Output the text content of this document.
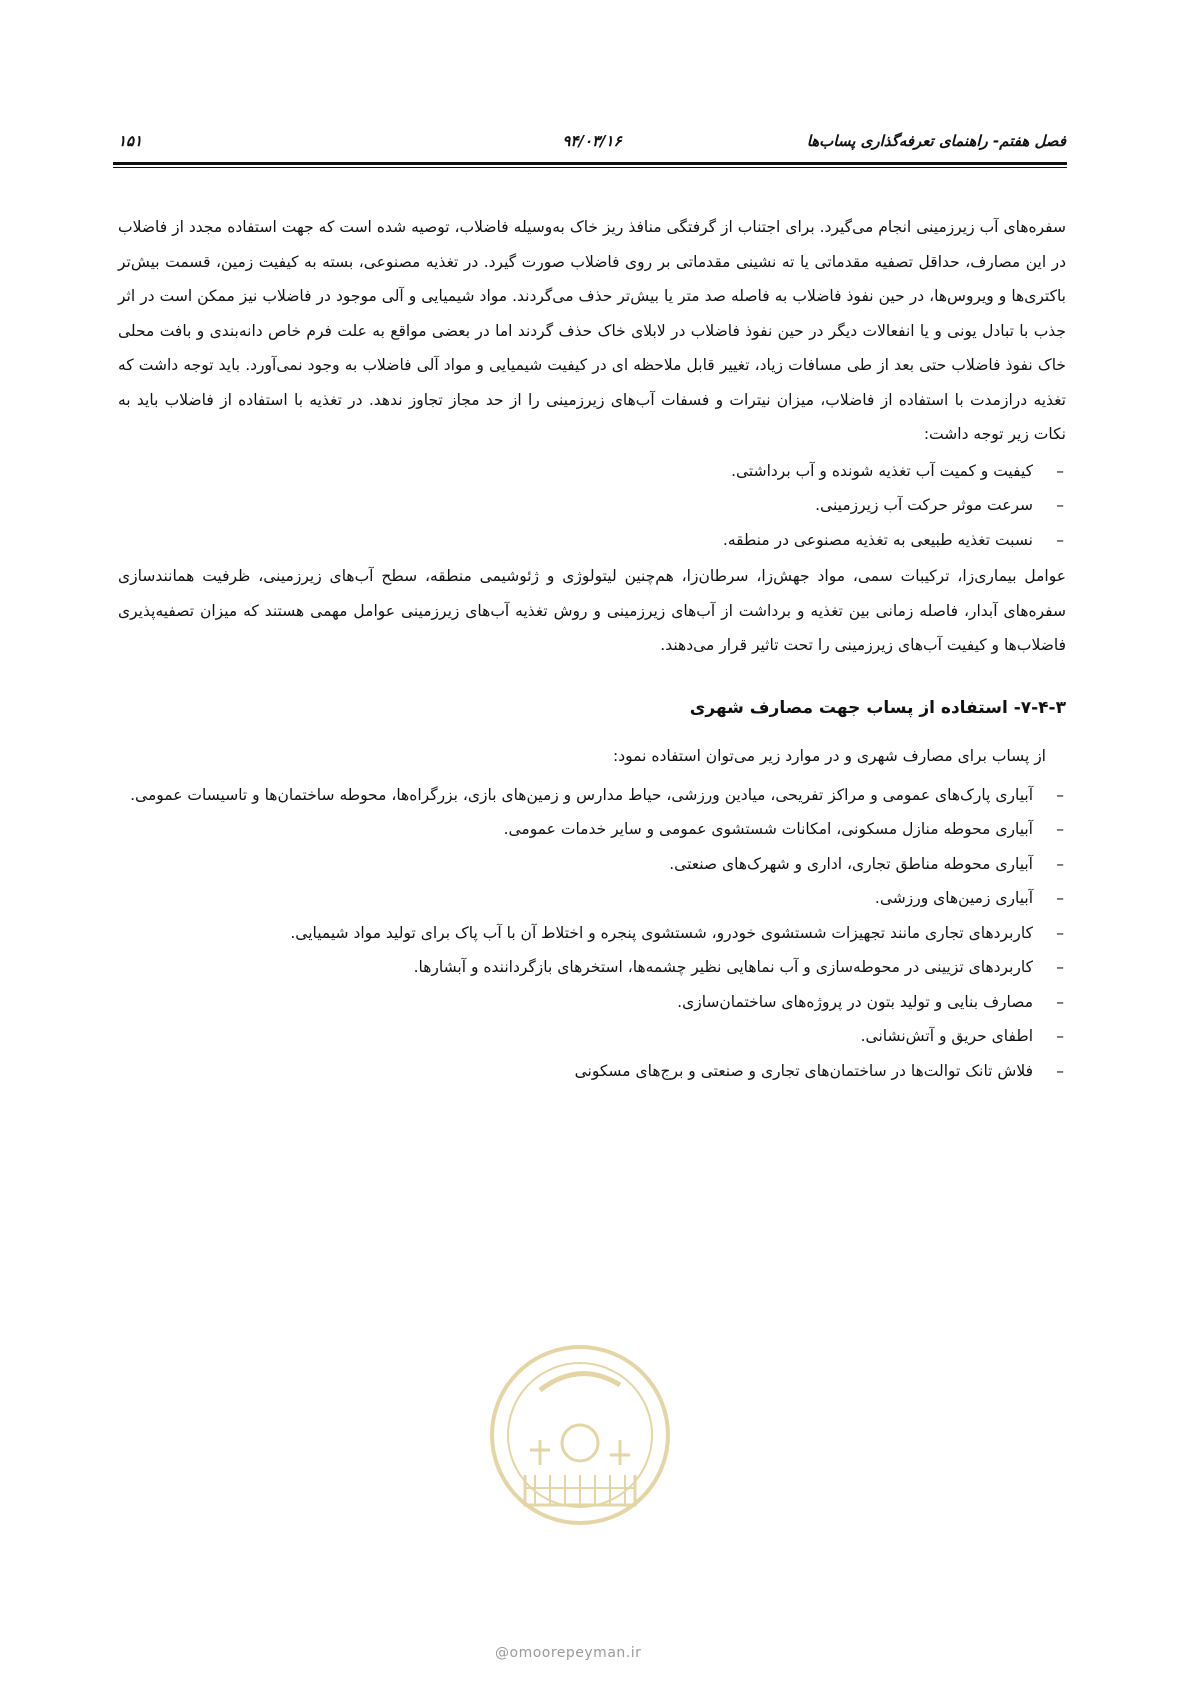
فصل هفتم- راهنمای تعرفه‌گذاری پساب‌ها
۹۴/۰۳/۱۶
۱۵۱

سفره‌های آب زیرزمینی انجام می‌گیرد. برای اجتناب از گرفتگی منافذ ریز خاک به‌وسیله فاضلاب، توصیه شده است که جهت استفاده مجدد از فاضلاب در این مصارف، حداقل تصفیه مقدماتی یا ته نشینی مقدماتی بر روی فاضلاب صورت گیرد. در تغذیه مصنوعی، بسته به کیفیت زمین، قسمت بیش‌تر باکتری‌ها و ویروس‌ها، در حین نفوذ فاضلاب به فاصله صد متر یا بیش‌تر حذف می‌گردند. مواد شیمیایی و آلی موجود در فاضلاب نیز ممکن است در اثر جذب با تبادل یونی و یا انفعالات دیگر در حین نفوذ فاضلاب در لابلای خاک حذف گردند اما در بعضی مواقع به علت فرم خاص دانه‌بندی و بافت محلی خاک نفوذ فاضلاب حتی بعد از طی مسافات زیاد، تغییر قابل ملاحظه ای در کیفیت شیمیایی و مواد آلی فاضلاب به وجود نمی‌آورد. باید توجه داشت که تغذیه درازمدت با استفاده از فاضلاب، میزان نیترات و فسفات آب‌های زیرزمینی را از حد مجاز تجاوز ندهد. در تغذیه با استفاده از فاضلاب باید به نکات زیر توجه داشت:

–
کیفیت و کمیت آب تغذیه شونده و آب برداشتی.
–
سرعت موثر حرکت آب زیرزمینی.
–
نسبت تغذیه طبیعی به تغذیه مصنوعی در منطقه.

عوامل بیماری‌زا، ترکیبات سمی، مواد جهش‌زا، سرطان‌زا، هم‌چنین لیتولوژی و ژئوشیمی منطقه، سطح آب‌های زیرزمینی، ظرفیت همانندسازی سفره‌های آبدار، فاصله زمانی بین تغذیه و برداشت از آب‌های زیرزمینی و روش تغذیه آب‌های زیرزمینی عوامل مهمی هستند که میزان تصفیه‌پذیری فاضلاب‌ها و کیفیت آب‌های زیرزمینی را تحت تاثیر قرار می‌دهند.

۷-۴-۳- استفاده از پساب جهت مصارف شهری

از پساب برای مصارف شهری و در موارد زیر می‌توان استفاده نمود:

–
آبیاری پارک‌های عمومی و مراکز تفریحی، میادین ورزشی، حیاط مدارس و زمین‌های بازی، بزرگراه‌ها، محوطه ساختمان‌ها و تاسیسات عمومی.
–
آبیاری محوطه منازل مسکونی، امکانات شستشوی عمومی و سایر خدمات عمومی.
–
آبیاری محوطه مناطق تجاری، اداری و شهرک‌های صنعتی.
–
آبیاری زمین‌های ورزشی.
–
کاربردهای تجاری مانند تجهیزات شستشوی خودرو، شستشوی پنجره و اختلاط آن با آب پاک برای تولید مواد شیمیایی.
–
کاربردهای تزیینی در محوطه‌سازی و آب نماهایی نظیر چشمه‌ها، استخرهای بازگرداننده و آبشارها.
–
مصارف بنایی و تولید بتون در پروژه‌های ساختمان‌سازی.
–
اطفای حریق و آتش‌نشانی.
–
فلاش تانک توالت‌ها در ساختمان‌های تجاری و صنعتی و برج‌های مسکونی
@omoorepeyman.ir
